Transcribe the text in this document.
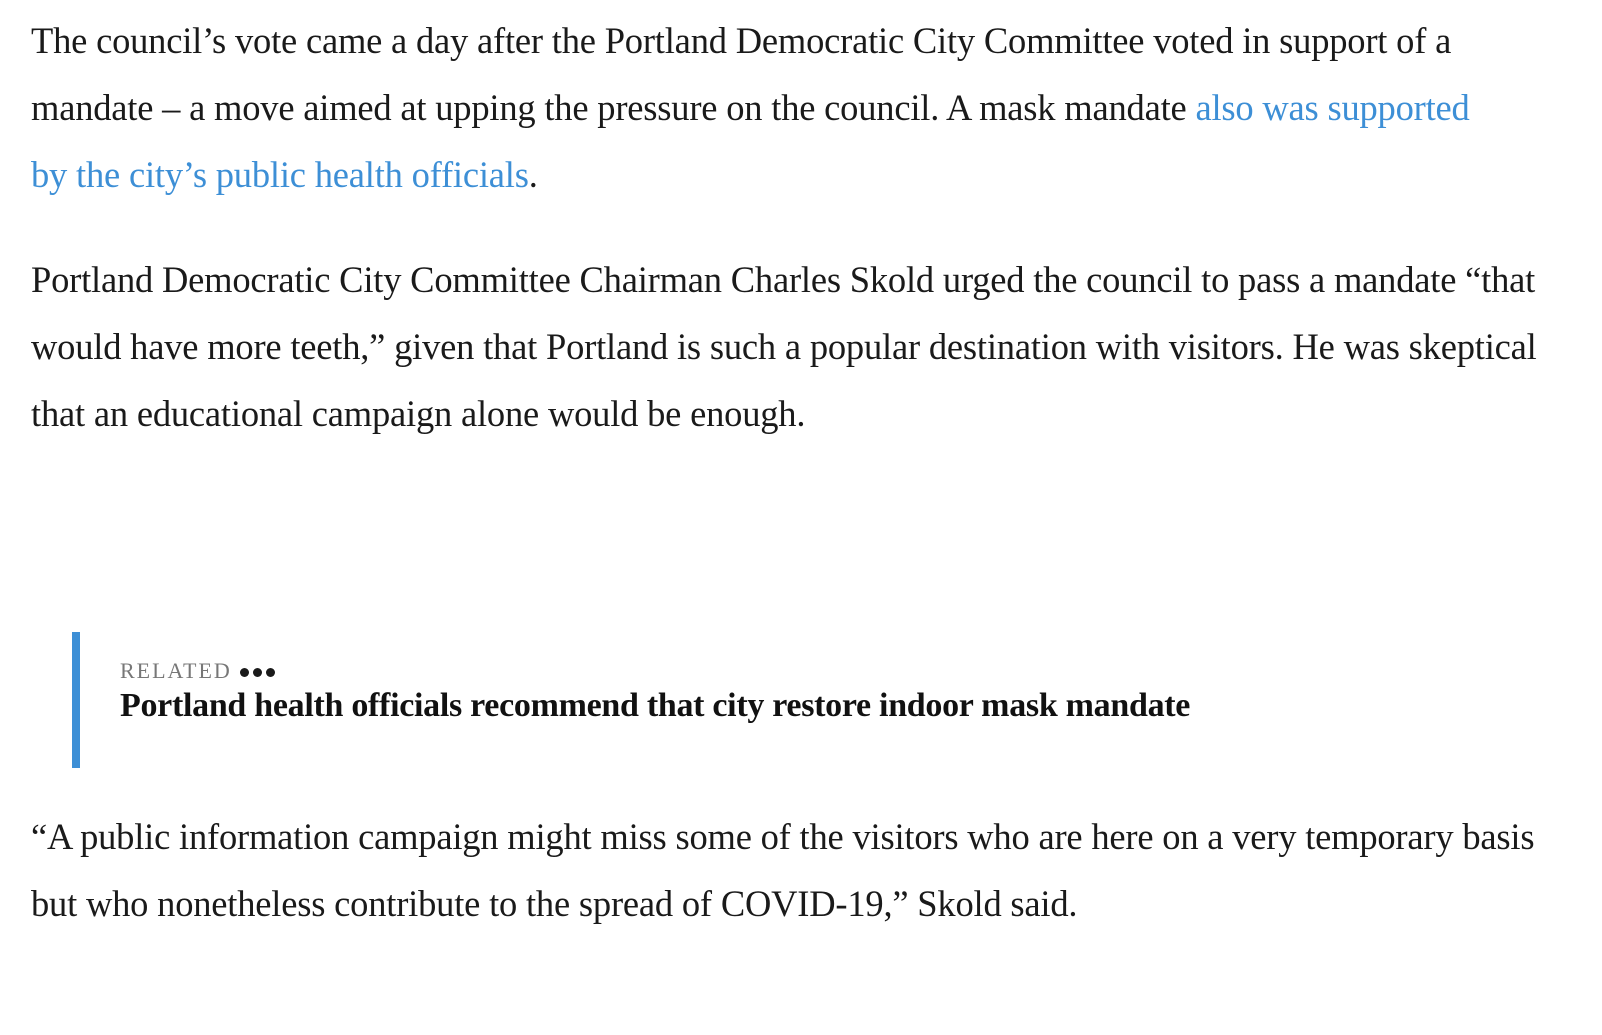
The council’s vote came a day after the Portland Democratic City Committee voted in support of a mandate – a move aimed at upping the pressure on the council. A mask mandate also was supported by the city’s public health officials.

Portland Democratic City Committee Chairman Charles Skold urged the council to pass a mandate “that would have more teeth,” given that Portland is such a popular destination with visitors. He was skeptical that an educational campaign alone would be enough.

RELATED
Portland health officials recommend that city restore indoor mask mandate

“A public information campaign might miss some of the visitors who are here on a very temporary basis but who nonetheless contribute to the spread of COVID-19,” Skold said.
